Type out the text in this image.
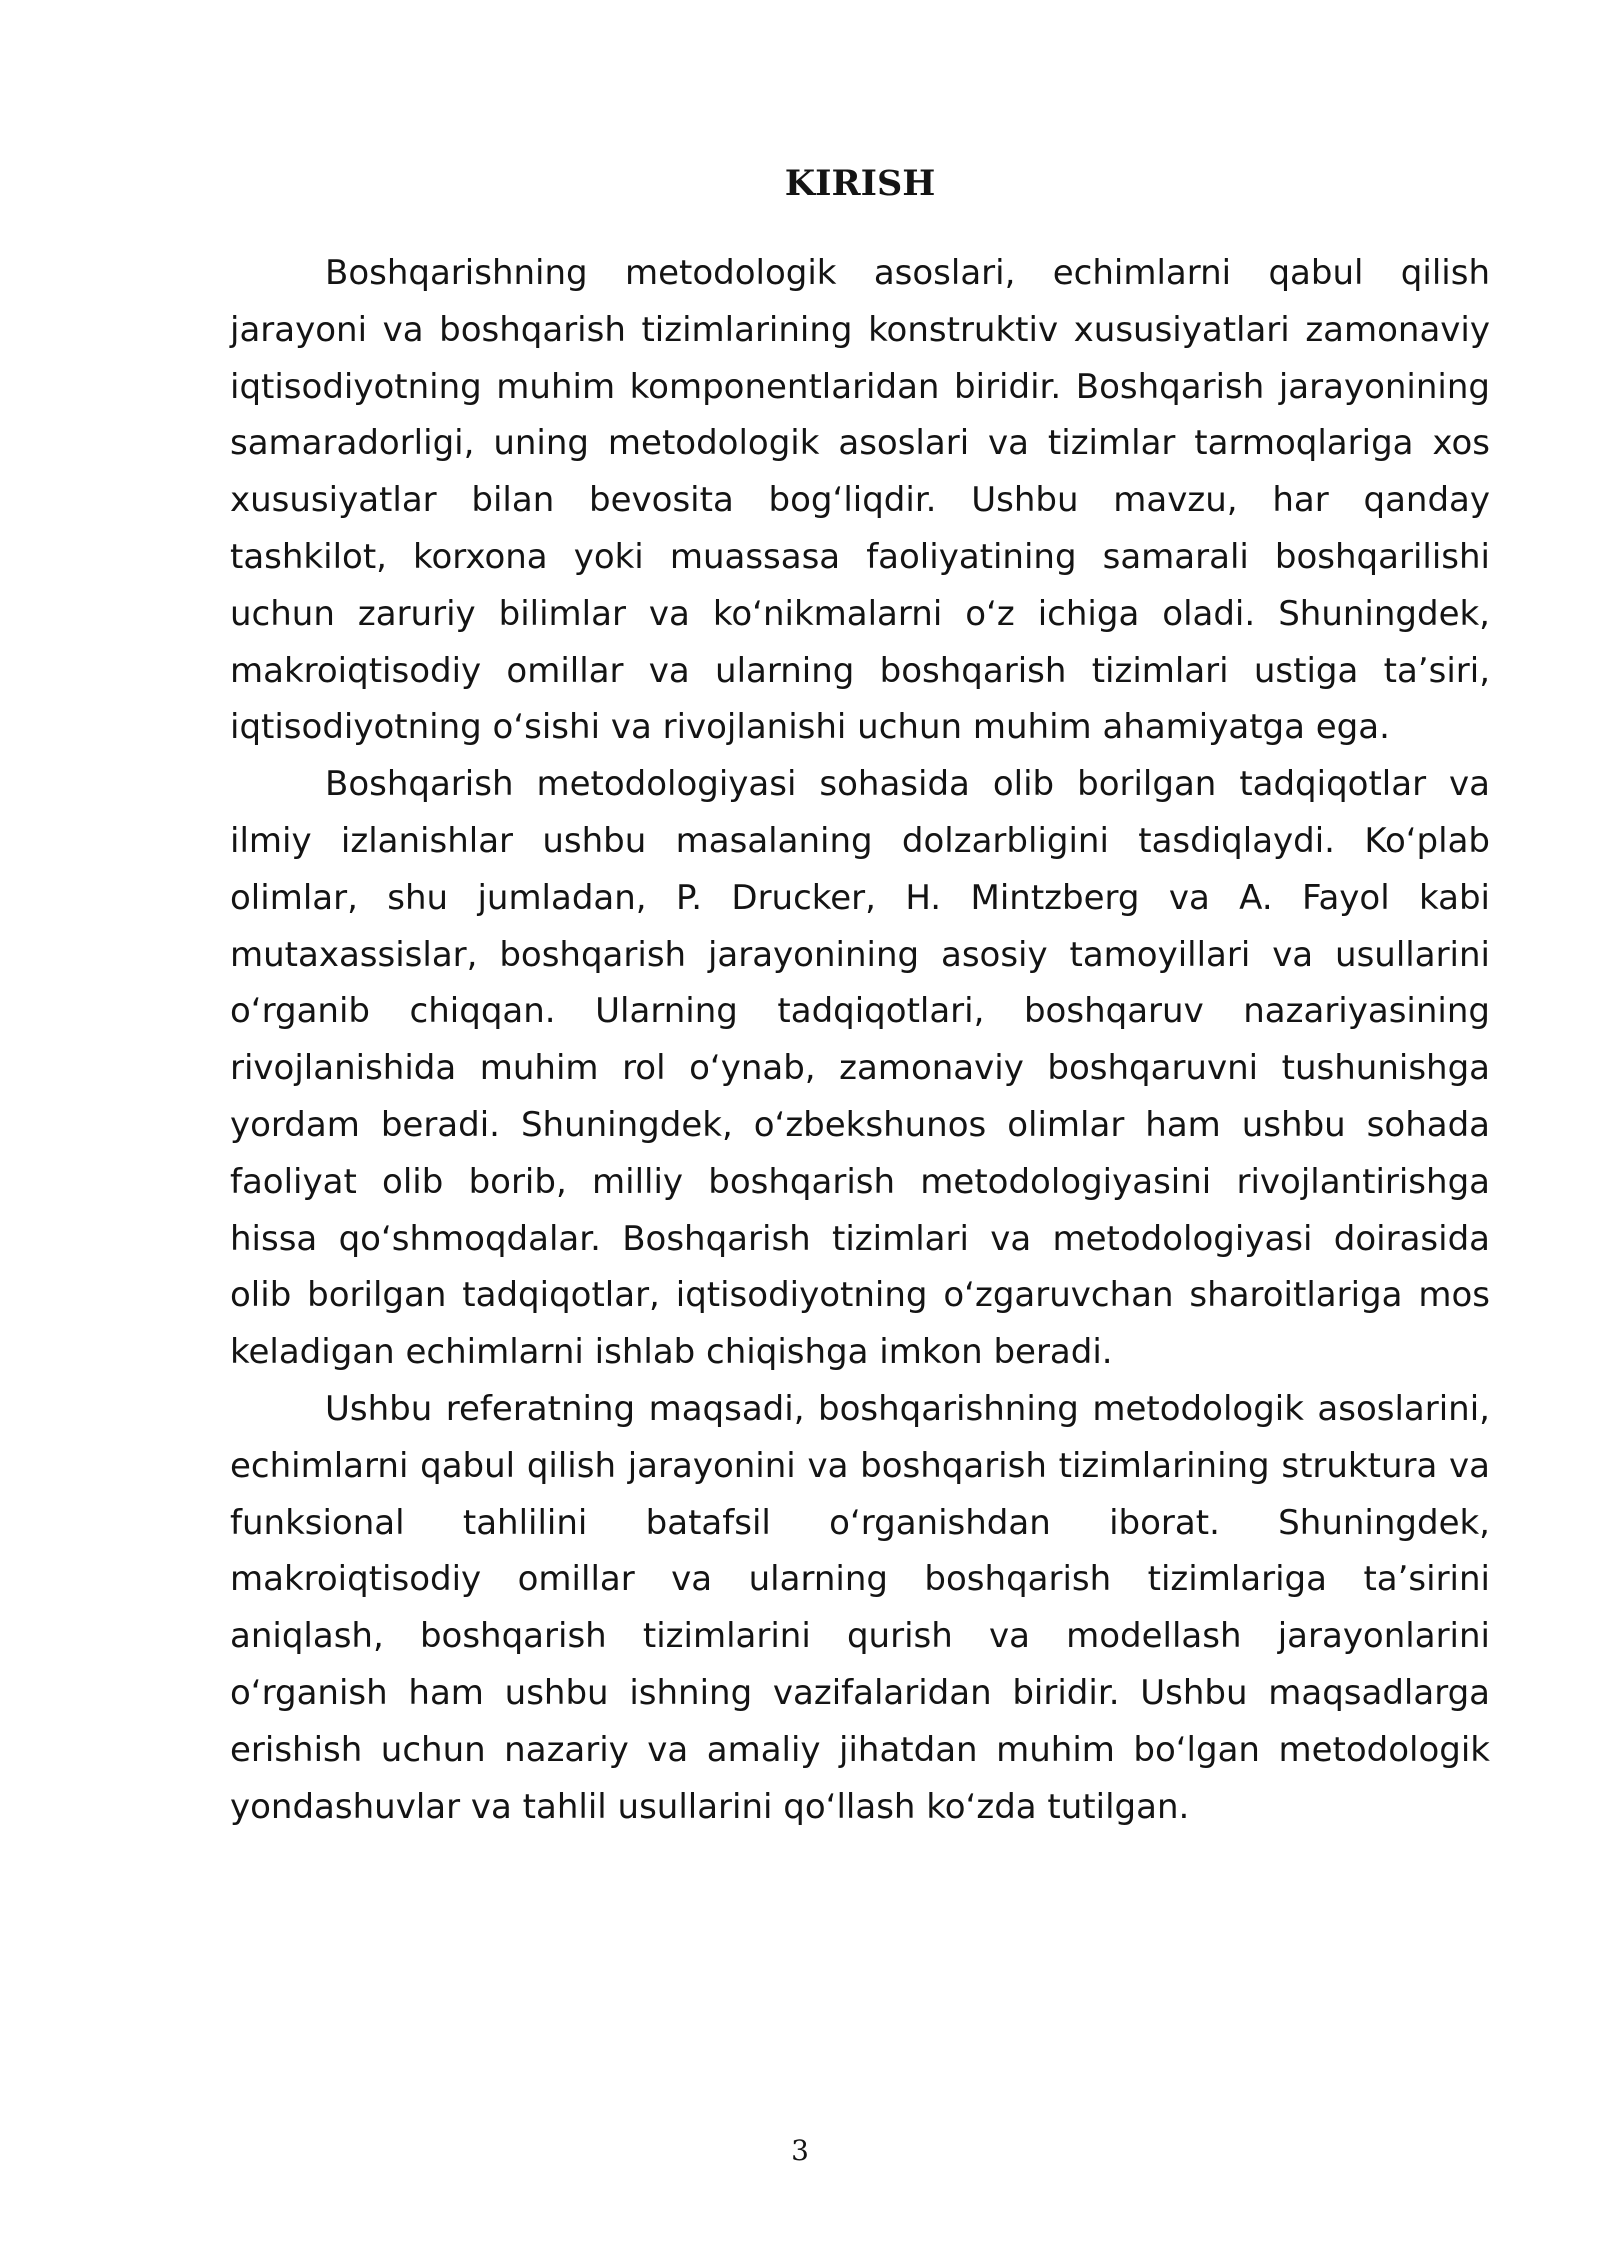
KIRISH

Boshqarishning metodologik asoslari, echimlarni qabul qilish jarayoni va boshqarish tizimlarining konstruktiv xususiyatlari zamonaviy iqtisodiyotning muhim komponentlaridan biridir. Boshqarish jarayonining samaradorligi, uning metodologik asoslari va tizimlar tarmoqlariga xos xususiyatlar bilan bevosita bog‘liqdir. Ushbu mavzu, har qanday tashkilot, korxona yoki muassasa faoliyatining samarali boshqarilishi uchun zaruriy bilimlar va ko‘nikmalarni o‘z ichiga oladi. Shuningdek, makroiqtisodiy omillar va ularning boshqarish tizimlari ustiga ta’siri, iqtisodiyotning o‘sishi va rivojlanishi uchun muhim ahamiyatga ega.

Boshqarish metodologiyasi sohasida olib borilgan tadqiqotlar va ilmiy izlanishlar ushbu masalaning dolzarbligini tasdiqlaydi. Ko‘plab olimlar, shu jumladan, P. Drucker, H. Mintzberg va A. Fayol kabi mutaxassislar, boshqarish jarayonining asosiy tamoyillari va usullarini o‘rganib chiqqan. Ularning tadqiqotlari, boshqaruv nazariyasining rivojlanishida muhim rol o‘ynab, zamonaviy boshqaruvni tushunishga yordam beradi. Shuningdek, o‘zbekshunos olimlar ham ushbu sohada faoliyat olib borib, milliy boshqarish metodologiyasini rivojlantirishga hissa qo‘shmoqdalar. Boshqarish tizimlari va metodologiyasi doirasida olib borilgan tadqiqotlar, iqtisodiyotning o‘zgaruvchan sharoitlariga mos keladigan echimlarni ishlab chiqishga imkon beradi.

Ushbu referatning maqsadi, boshqarishning metodologik asoslarini, echimlarni qabul qilish jarayonini va boshqarish tizimlarining struktura va funksional tahlilini batafsil o‘rganishdan iborat. Shuningdek, makroiqtisodiy omillar va ularning boshqarish tizimlariga ta’sirini aniqlash, boshqarish tizimlarini qurish va modellash jarayonlarini o‘rganish ham ushbu ishning vazifalaridan biridir. Ushbu maqsadlarga erishish uchun nazariy va amaliy jihatdan muhim bo‘lgan metodologik yondashuvlar va tahlil usullarini qo‘llash ko‘zda tutilgan.

3
